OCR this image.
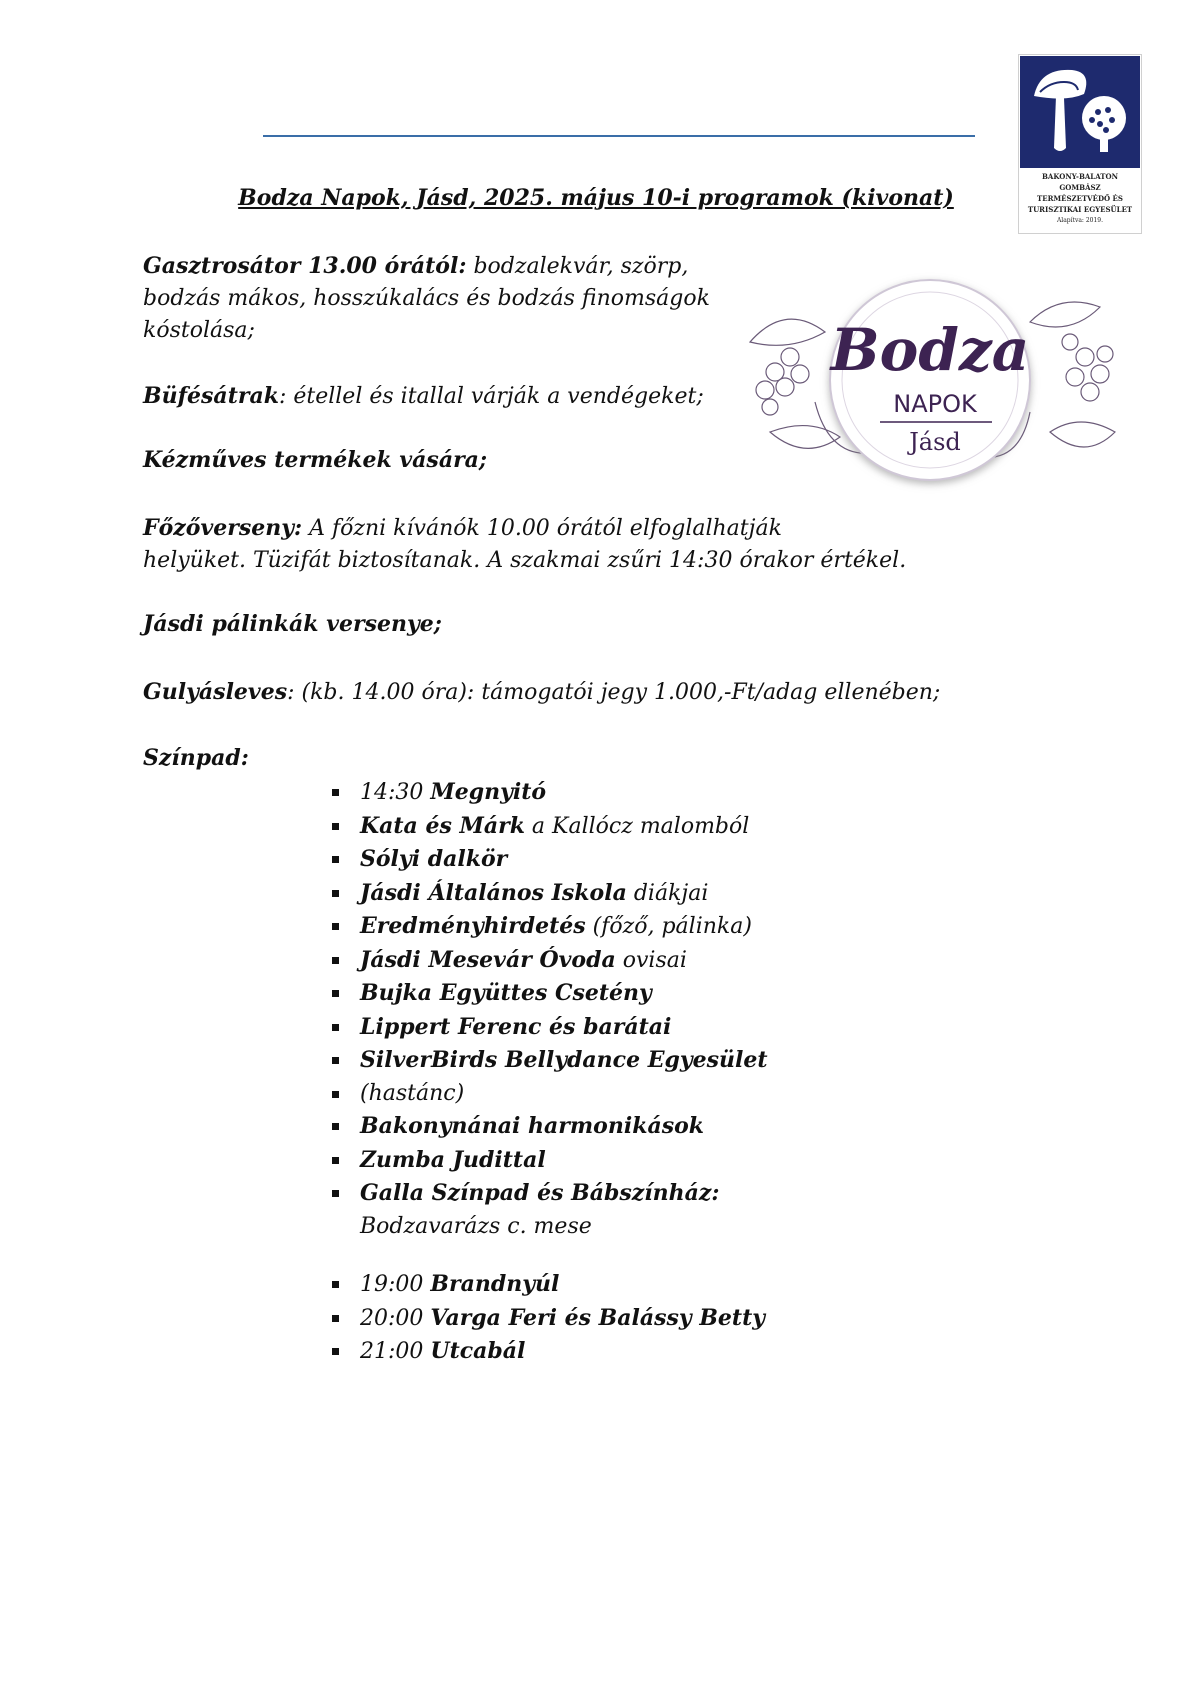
BAKONY-BALATON
GOMBÁSZ
TERMÉSZETVÉDŐ ÉS
TURISZTIKAI EGYESÜLET
Alapítva: 2019.
Bodza Napok, Jásd, 2025. május 10-i programok (kivonat)
Bodza
NAPOK
Jásd
Gasztrosátor 13.00 órától: bodzalekvár, szörp,
bodzás mákos, hosszúkalács és bodzás finomságok
kóstolása;
Büfésátrak: étellel és itallal várják a vendégeket;
Kézműves termékek vására;
Főzőverseny: A főzni kívánók 10.00 órától elfoglalhatják
helyüket. Tüzifát biztosítanak. A szakmai zsűri 14:30 órakor értékel.
Jásdi pálinkák versenye;
Gulyásleves: (kb. 14.00 óra): támogatói jegy 1.000,-Ft/adag ellenében;
Színpad:
14:30 Megnyitó
Kata és Márk a Kallócz malomból
Sólyi dalkör
Jásdi Általános Iskola diákjai
Eredményhirdetés (főző, pálinka)
Jásdi Mesevár Óvoda ovisai
Bujka Együttes Csetény
Lippert Ferenc és barátai
SilverBirds Bellydance Egyesület
(hastánc)
Bakonynánai harmonikások
Zumba Judittal
Galla Színpad és Bábszínház:
Bodzavarázs c. mese
19:00 Brandnyúl
20:00 Varga Feri és Balássy Betty
21:00 Utcabál
